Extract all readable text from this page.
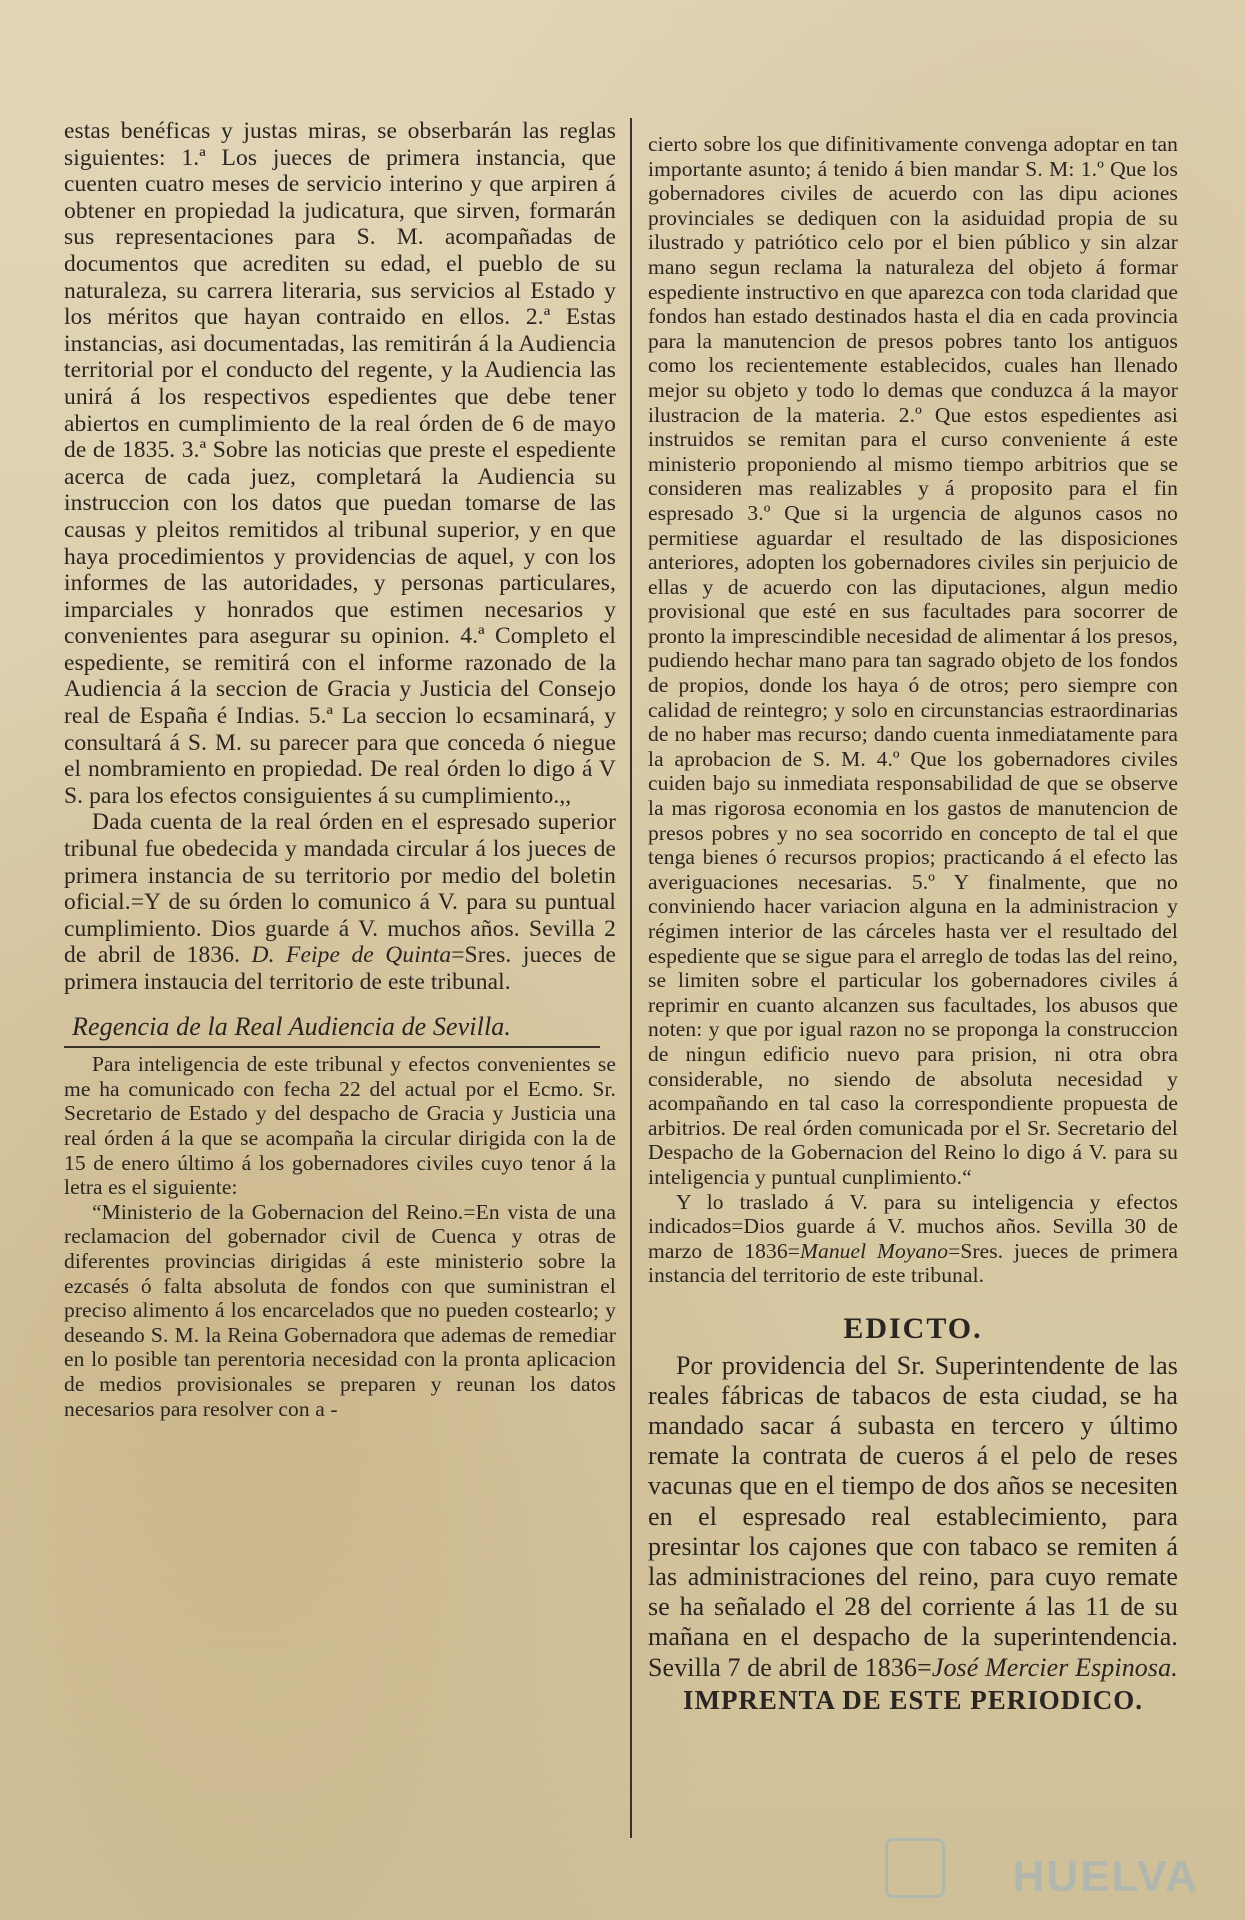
estas benéficas y justas miras, se obserbarán las reglas siguientes: 1.ª Los jueces de primera instancia, que cuenten cuatro meses de servicio interino y que arpiren á obtener en propiedad la judicatura, que sirven, formarán sus representaciones para S. M. acompañadas de documentos que acrediten su edad, el pueblo de su naturaleza, su carrera literaria, sus servicios al Estado y los méritos que hayan contraido en ellos. 2.ª Estas instancias, asi documentadas, las remitirán á la Audiencia territorial por el conducto del regente, y la Audiencia las unirá á los respectivos espedientes que debe tener abiertos en cumplimiento de la real órden de 6 de mayo de de 1835. 3.ª Sobre las noticias que preste el espediente acerca de cada juez, completará la Audiencia su instruccion con los datos que puedan tomarse de las causas y pleitos remitidos al tribunal superior, y en que haya procedimientos y providencias de aquel, y con los informes de las autoridades, y personas particulares, imparciales y honrados que estimen necesarios y convenientes para asegurar su opinion. 4.ª Completo el espediente, se remitirá con el informe razonado de la Audiencia á la seccion de Gracia y Justicia del Consejo real de España é Indias. 5.ª La seccion lo ecsaminará, y consultará á S. M. su parecer para que conceda ó niegue el nombramiento en propiedad. De real órden lo digo á V S. para los efectos consiguientes á su cumplimiento.,,

Dada cuenta de la real órden en el espresado superior tribunal fue obedecida y mandada circular á los jueces de primera instancia de su territorio por medio del boletin oficial.=Y de su órden lo comunico á V. para su puntual cumplimiento. Dios guarde á V. muchos años. Sevilla 2 de abril de 1836. D. Feipe de Quinta=Sres. jueces de primera instaucia del territorio de este tribunal.

Regencia de la Real Audiencia de Sevilla.

Para inteligencia de este tribunal y efectos convenientes se me ha comunicado con fecha 22 del actual por el Ecmo. Sr. Secretario de Estado y del despacho de Gracia y Justicia una real órden á la que se acompaña la circular dirigida con la de 15 de enero último á los gobernadores civiles cuyo tenor á la letra es el siguiente:

“Ministerio de la Gobernacion del Reino.=En vista de una reclamacion del gobernador civil de Cuenca y otras de diferentes provincias dirigidas á este ministerio sobre la ezcasés ó falta absoluta de fondos con que suministran el preciso alimento á los encarcelados que no pueden costearlo; y deseando S. M. la Reina Gobernadora que ademas de remediar en lo posible tan perentoria necesidad con la pronta aplicacion de medios provisionales se preparen y reunan los datos necesarios para resolver con a -

cierto sobre los que difinitivamente convenga adoptar en tan importante asunto; á tenido á bien mandar S. M: 1.º Que los gobernadores civiles de acuerdo con las dipu aciones provinciales se dediquen con la asiduidad propia de su ilustrado y patriótico celo por el bien público y sin alzar mano segun reclama la naturaleza del objeto á formar espediente instructivo en que aparezca con toda claridad que fondos han estado destinados hasta el dia en cada provincia para la manutencion de presos pobres tanto los antiguos como los recientemente establecidos, cuales han llenado mejor su objeto y todo lo demas que conduzca á la mayor ilustracion de la materia. 2.º Que estos espedientes asi instruidos se remitan para el curso conveniente á este ministerio proponiendo al mismo tiempo arbitrios que se consideren mas realizables y á proposito para el fin espresado 3.º Que si la urgencia de algunos casos no permitiese aguardar el resultado de las disposiciones anteriores, adopten los gobernadores civiles sin perjuicio de ellas y de acuerdo con las diputaciones, algun medio provisional que esté en sus facultades para socorrer de pronto la imprescindible necesidad de alimentar á los presos, pudiendo hechar mano para tan sagrado objeto de los fondos de propios, donde los haya ó de otros; pero siempre con calidad de reintegro; y solo en circunstancias estraordinarias de no haber mas recurso; dando cuenta inmediatamente para la aprobacion de S. M. 4.º Que los gobernadores civiles cuiden bajo su inmediata responsabilidad de que se observe la mas rigorosa economia en los gastos de manutencion de presos pobres y no sea socorrido en concepto de tal el que tenga bienes ó recursos propios; practicando á el efecto las averiguaciones necesarias. 5.º Y finalmente, que no conviniendo hacer variacion alguna en la administracion y régimen interior de las cárceles hasta ver el resultado del espediente que se sigue para el arreglo de todas las del reino, se limiten sobre el particular los gobernadores civiles á reprimir en cuanto alcanzen sus facultades, los abusos que noten: y que por igual razon no se proponga la construccion de ningun edificio nuevo para prision, ni otra obra considerable, no siendo de absoluta necesidad y acompañando en tal caso la correspondiente propuesta de arbitrios. De real órden comunicada por el Sr. Secretario del Despacho de la Gobernacion del Reino lo digo á V. para su inteligencia y puntual cunplimiento.“

Y lo traslado á V. para su inteligencia y efectos indicados=Dios guarde á V. muchos años. Sevilla 30 de marzo de 1836=Manuel Moyano=Sres. jueces de primera instancia del territorio de este tribunal.

EDICTO.

Por providencia del Sr. Superintendente de las reales fábricas de tabacos de esta ciudad, se ha mandado sacar á subasta en tercero y último remate la contrata de cueros á el pelo de reses vacunas que en el tiempo de dos años se necesiten en el espresado real establecimiento, para presintar los cajones que con tabaco se remiten á las administraciones del reino, para cuyo remate se ha señalado el 28 del corriente á las 11 de su mañana en el despacho de la superintendencia. Sevilla 7 de abril de 1836=José Mercier Espinosa.

IMPRENTA DE ESTE PERIODICO.
HUELVA
